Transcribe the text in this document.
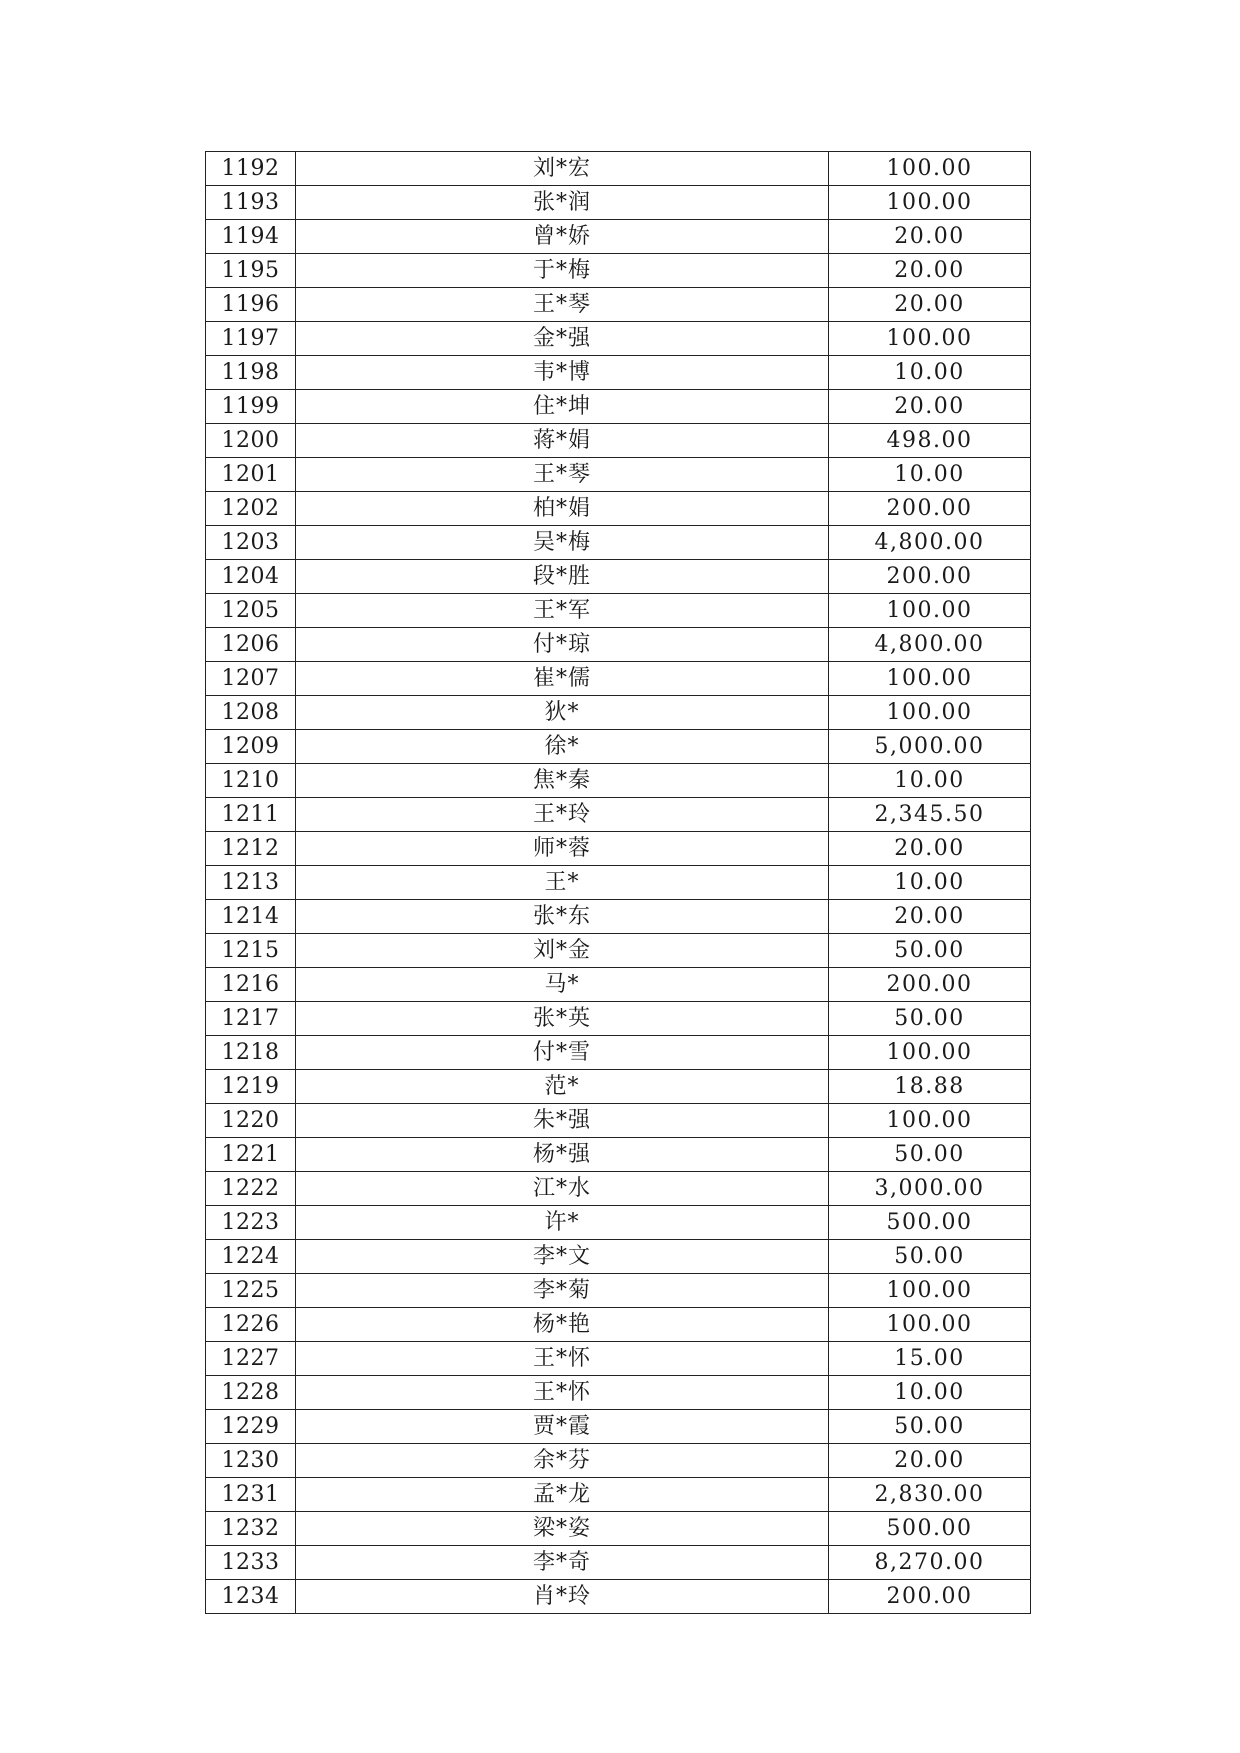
1192	刘*宏	100.00
1193	张*润	100.00
1194	曾*娇	20.00
1195	于*梅	20.00
1196	王*琴	20.00
1197	金*强	100.00
1198	韦*博	10.00
1199	住*坤	20.00
1200	蒋*娟	498.00
1201	王*琴	10.00
1202	柏*娟	200.00
1203	吴*梅	4,800.00
1204	段*胜	200.00
1205	王*军	100.00
1206	付*琼	4,800.00
1207	崔*儒	100.00
1208	狄*	100.00
1209	徐*	5,000.00
1210	焦*秦	10.00
1211	王*玲	2,345.50
1212	师*蓉	20.00
1213	王*	10.00
1214	张*东	20.00
1215	刘*金	50.00
1216	马*	200.00
1217	张*英	50.00
1218	付*雪	100.00
1219	范*	18.88
1220	朱*强	100.00
1221	杨*强	50.00
1222	江*水	3,000.00
1223	许*	500.00
1224	李*文	50.00
1225	李*菊	100.00
1226	杨*艳	100.00
1227	王*怀	15.00
1228	王*怀	10.00
1229	贾*霞	50.00
1230	余*芬	20.00
1231	孟*龙	2,830.00
1232	梁*姿	500.00
1233	李*奇	8,270.00
1234	肖*玲	200.00
